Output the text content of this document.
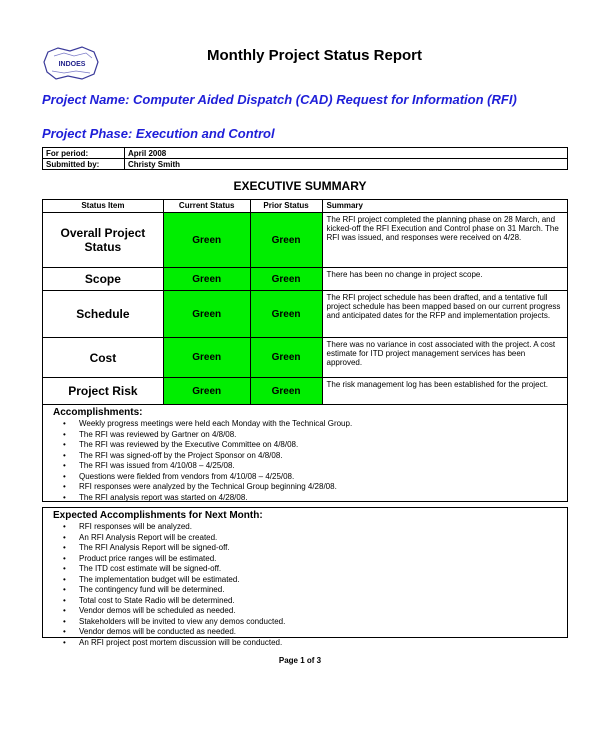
INDOES
Monthly Project Status Report
Project Name: Computer Aided Dispatch (CAD) Request for Information (RFI)
Project Phase: Execution and Control
For period:	April 2008
Submitted by:	Christy Smith
EXECUTIVE SUMMARY
Status Item	Current Status	Prior Status	Summary
Overall Project Status	Green	Green	The RFI project completed the planning phase on 28 March, and kicked-off the RFI Execution and Control phase on 31 March. The RFI was issued, and responses were received on 4/28.
Scope	Green	Green	There has been no change in project scope.
Schedule	Green	Green	The RFI project schedule has been drafted, and a tentative full project schedule has been mapped based on our current progress and anticipated dates for the RFP and implementation projects.
Cost	Green	Green	There was no variance in cost associated with the project. A cost estimate for ITD project management services has been approved.
Project Risk	Green	Green	The risk management log has been established for the project.
Accomplishments:
• Weekly progress meetings were held each Monday with the Technical Group.
• The RFI was reviewed by Gartner on 4/8/08.
• The RFI was reviewed by the Executive Committee on 4/8/08.
• The RFI was signed-off by the Project Sponsor on 4/8/08.
• The RFI was issued from 4/10/08 – 4/25/08.
• Questions were fielded from vendors from 4/10/08 – 4/25/08.
• RFI responses were analyzed by the Technical Group beginning 4/28/08.
• The RFI analysis report was started on 4/28/08.
Expected Accomplishments for Next Month:
• RFI responses will be analyzed.
• An RFI Analysis Report will be created.
• The RFI Analysis Report will be signed-off.
• Product price ranges will be estimated.
• The ITD cost estimate will be signed-off.
• The implementation budget will be estimated.
• The contingency fund will be determined.
• Total cost to State Radio will be determined.
• Vendor demos will be scheduled as needed.
• Stakeholders will be invited to view any demos conducted.
• Vendor demos will be conducted as needed.
• An RFI project post mortem discussion will be conducted.
Page 1 of 3
